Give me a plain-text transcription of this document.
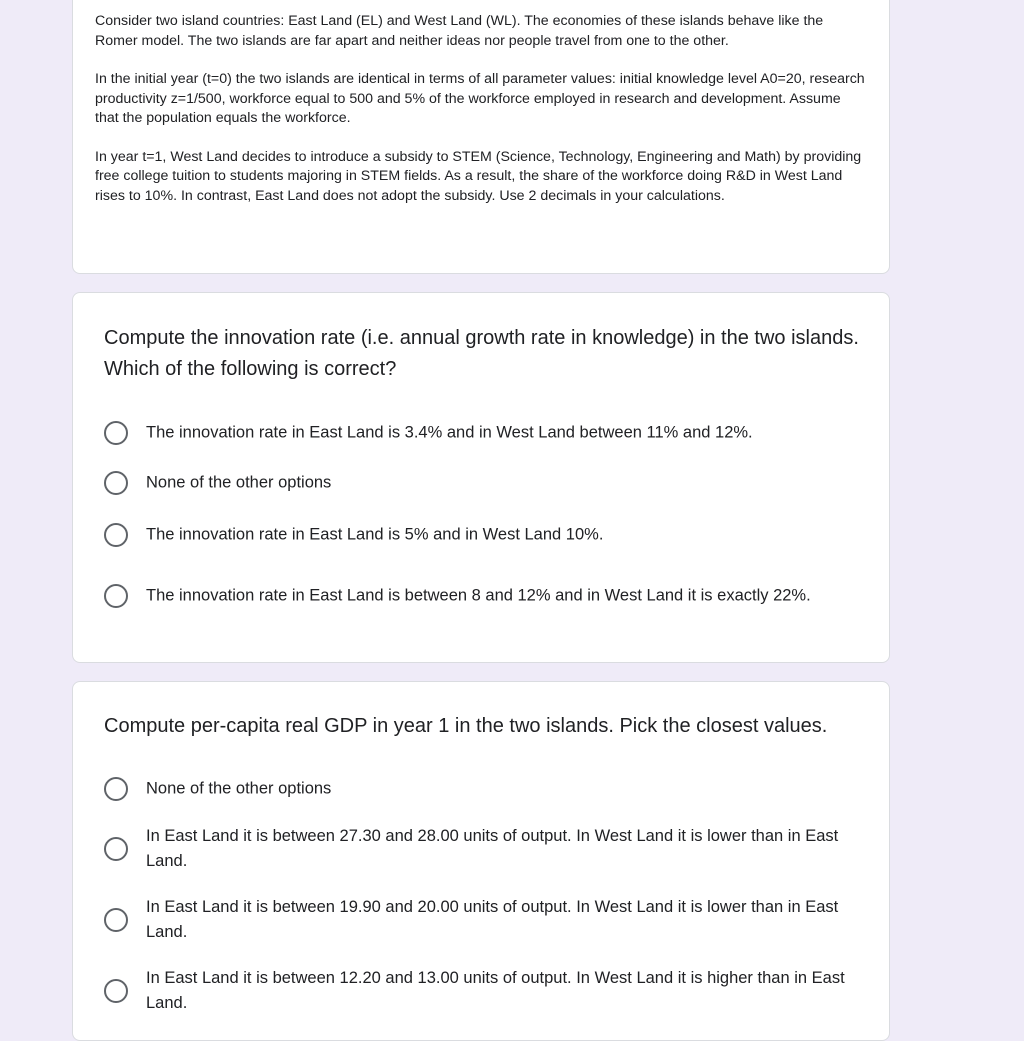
Consider two island countries: East Land (EL) and West Land (WL). The economies of these islands behave like the Romer model. The two islands are far apart and neither ideas nor people travel from one to the other.

In the initial year (t=0) the two islands are identical in terms of all parameter values: initial knowledge level A0=20, research productivity z=1/500, workforce equal to 500 and 5% of the workforce employed in research and development. Assume that the population equals the workforce.

In year t=1, West Land decides to introduce a subsidy to STEM (Science, Technology, Engineering and Math) by providing free college tuition to students majoring in STEM fields. As a result, the share of the workforce doing R&D in West Land rises to 10%. In contrast, East Land does not adopt the subsidy. Use 2 decimals in your calculations.

Compute the innovation rate (i.e. annual growth rate in knowledge) in the two islands. Which of the following is correct?
The innovation rate in East Land is 3.4% and in West Land between 11% and 12%.
None of the other options
The innovation rate in East Land is 5% and in West Land 10%.
The innovation rate in East Land is between 8 and 12% and in West Land it is exactly 22%.
Compute per-capita real GDP in year 1 in the two islands. Pick the closest values.
None of the other options
In East Land it is between 27.30 and 28.00 units of output. In West Land it is lower than in East Land.
In East Land it is between 19.90 and 20.00 units of output. In West Land it is lower than in East Land.
In East Land it is between 12.20 and 13.00 units of output. In West Land it is higher than in East Land.
